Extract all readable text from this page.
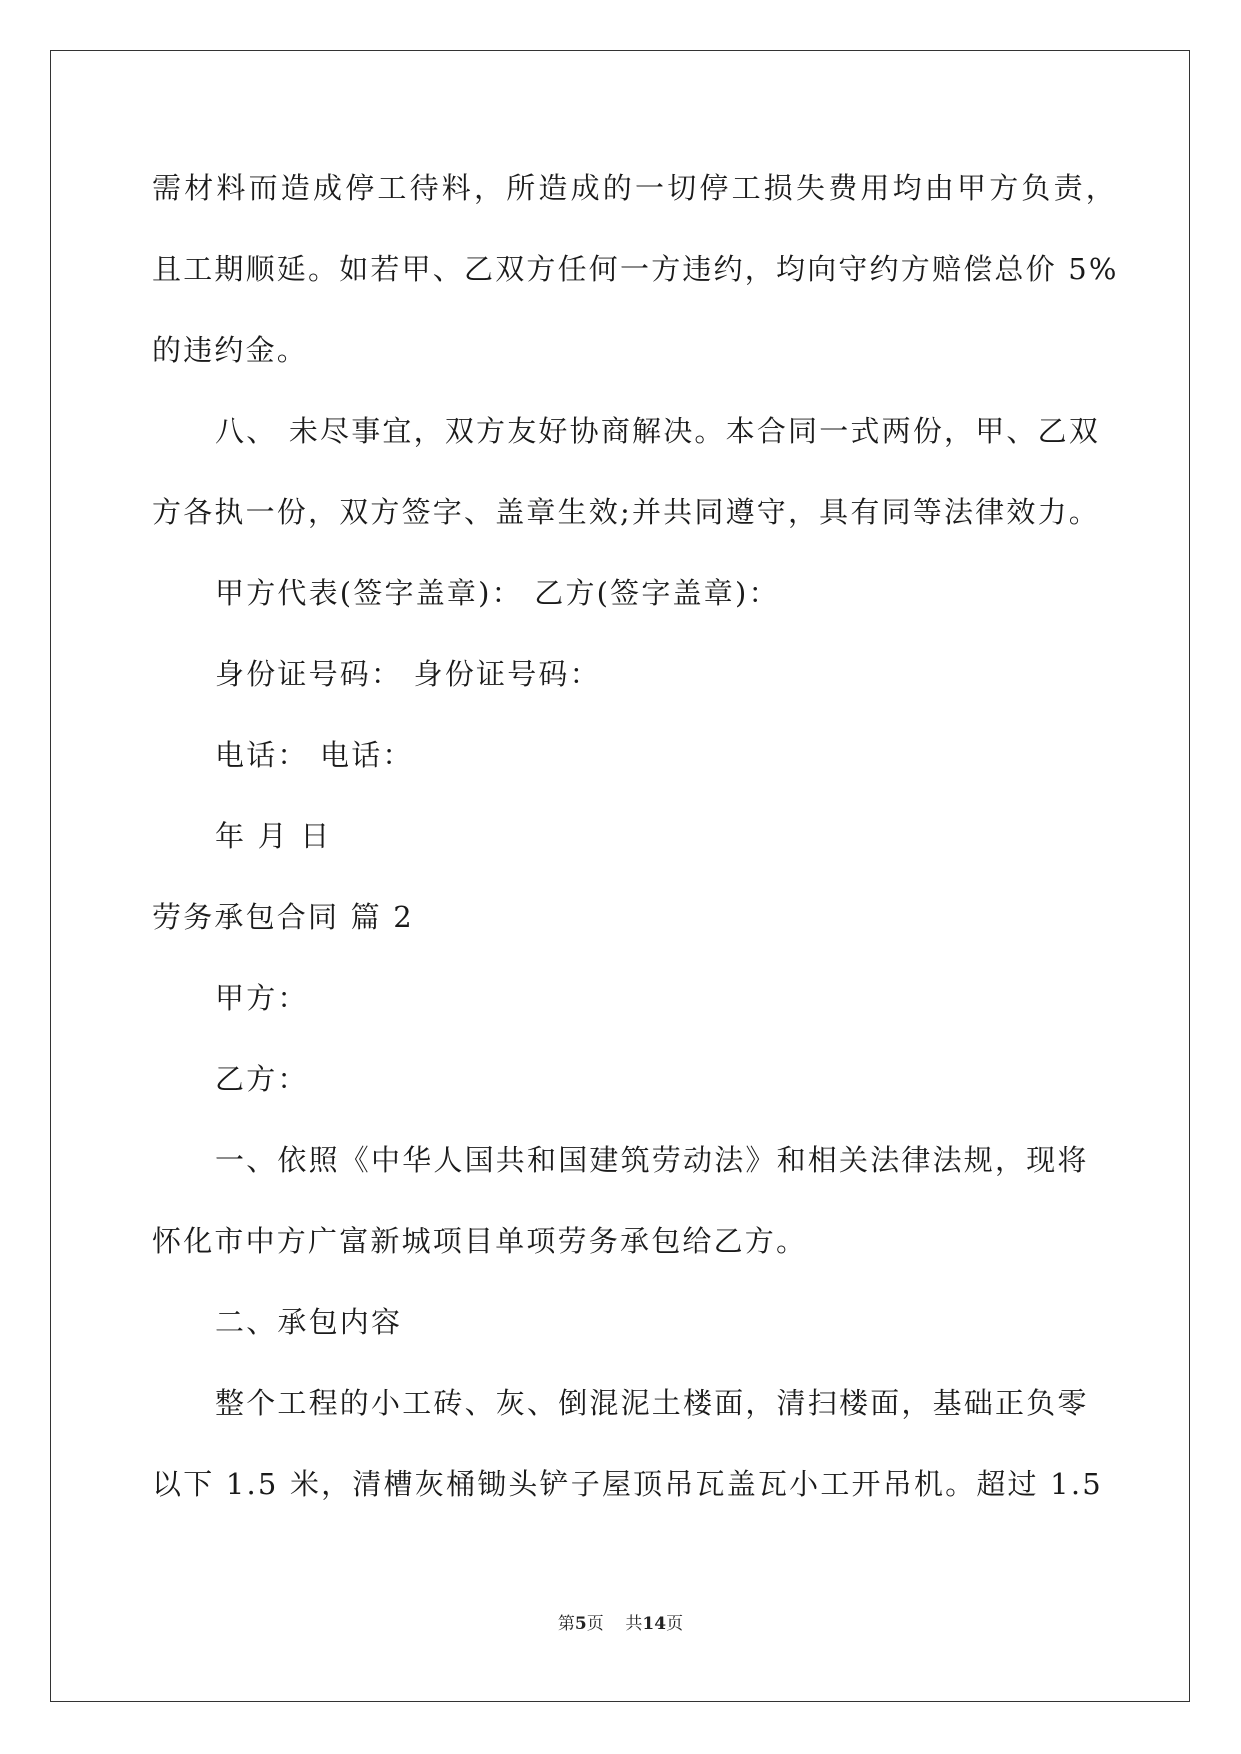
需材料而造成停工待料，所造成的一切停工损失费用均由甲方负责，
且工期顺延。如若甲、乙双方任何一方违约，均向守约方赔偿总价 5%
的违约金。
八、 未尽事宜，双方友好协商解决。本合同一式两份，甲、乙双
方各执一份，双方签字、盖章生效;并共同遵守，具有同等法律效力。
甲方代表(签字盖章)： 乙方(签字盖章)：
身份证号码： 身份证号码：
电话： 电话：
年 月 日
劳务承包合同 篇 2
甲方：
乙方：
一、依照《中华人国共和国建筑劳动法》和相关法律法规，现将
怀化市中方广富新城项目单项劳务承包给乙方。
二、承包内容
整个工程的小工砖、灰、倒混泥土楼面，清扫楼面，基础正负零
以下 1.5 米，清槽灰桶锄头铲子屋顶吊瓦盖瓦小工开吊机。超过 1.5
第5页 共14页
